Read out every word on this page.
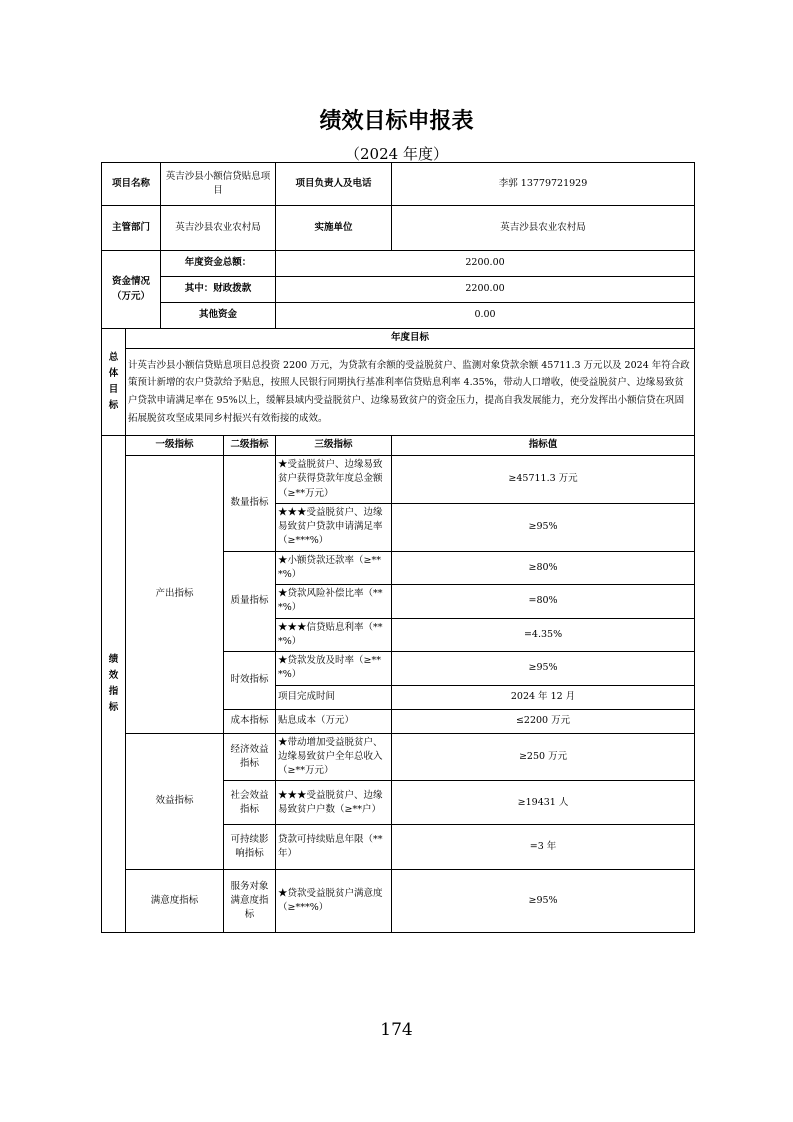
绩效目标申报表
（2024 年度）
项目名称		英吉沙县小额信贷贴息项目		项目负责人及电话	李郭 13779721929
主管部门		英吉沙县农业农村局		实施单位	英吉沙县农业农村局
资金情况（万元）		年度资金总额：		2200.00	
		其中：财政拨款		2200.00	
		其他资金		0.00	

总
体
目
标	年度目标				
	计英吉沙县小额信贷贴息项目总投资 2200 万元，为贷款有余额的受益脱贫户、监测对象贷款余额 45711.3 万元以及 2024 年符合政策预计新增的农户贷款给予贴息，按照人民银行同期执行基准利率信贷贴息利率 4.35%，带动人口增收，使受益脱贫户、边缘易致贫户贷款申请满足率在 95%以上，缓解县域内受益脱贫户、边缘易致贫户的资金压力，提高自我发展能力，充分发挥出小额信贷在巩固拓展脱贫攻坚成果同乡村振兴有效衔接的成效。				

绩
效
指
标	一级指标		二级指标	三级指标	指标值
	产出指标		数量指标	★受益脱贫户、边缘易致贫户获得贷款年度总金额（≥**万元）	≥45711.3 万元
				★★★受益脱贫户、边缘易致贫户贷款申请满足率（≥***%）	≥95%
			质量指标	★小额贷款还款率（≥***%）	≥80%
				★贷款风险补偿比率（***%）	=80%
				★★★信贷贴息利率（***%）	=4.35%
			时效指标	★贷款发放及时率（≥***%）	≥95%
				项目完成时间	2024 年 12 月
			成本指标	贴息成本（万元）	≤2200 万元
	效益指标		经济效益指标	★带动增加受益脱贫户、边缘易致贫户全年总收入（≥**万元）	≥250 万元
			社会效益指标	★★★受益脱贫户、边缘易致贫户户数（≥**户）	≥19431 人
			可持续影响指标	贷款可持续贴息年限（**年）	=3 年
	满意度指标		服务对象满意度指标	★贷款受益脱贫户满意度（≥***%）	≥95%
174
